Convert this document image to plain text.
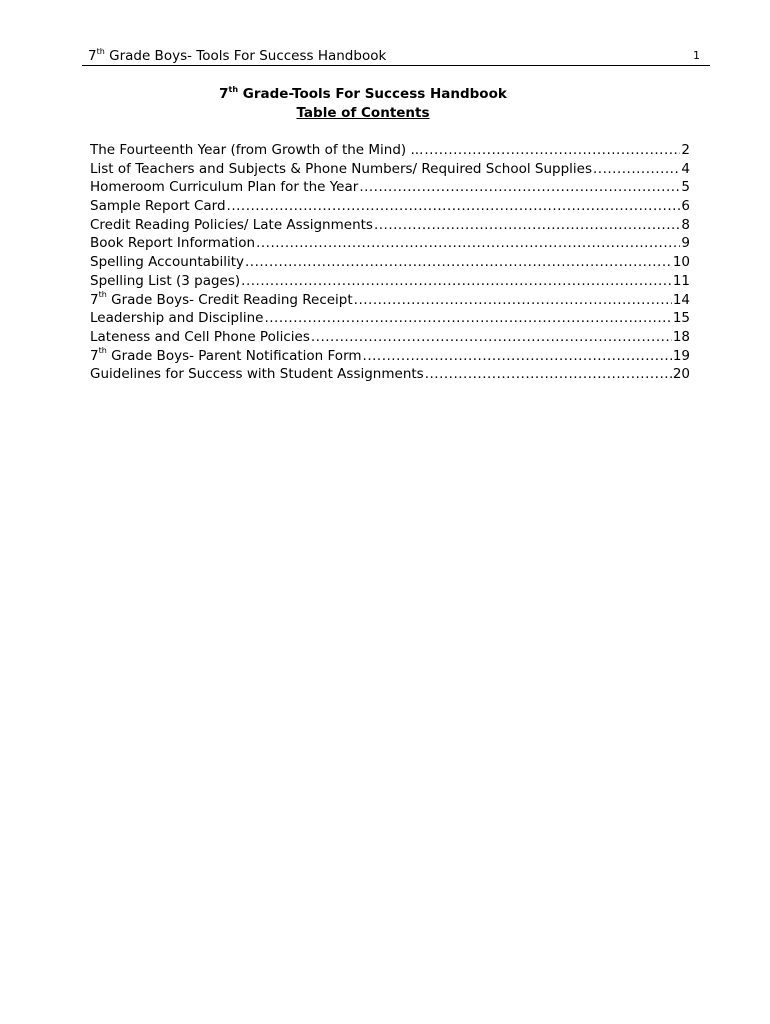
7th Grade Boys- Tools For Success Handbook	1
7th Grade-Tools For Success Handbook
Table of Contents
The Fourteenth Year (from Growth of the Mind) ... .....	2
List of Teachers and Subjects & Phone Numbers/ Required School Supplies .....	4
Homeroom Curriculum Plan for the Year .....	5
Sample Report Card .....	6
Credit Reading Policies/ Late Assignments .....	8
Book Report Information .....	9
Spelling Accountability .....	10
Spelling List (3 pages) .....	11
7th Grade Boys- Credit Reading Receipt .....	14
Leadership and Discipline .....	15
Lateness and Cell Phone Policies .....	18
7th Grade Boys- Parent Notification Form .....	19
Guidelines for Success with Student Assignments .....	20
